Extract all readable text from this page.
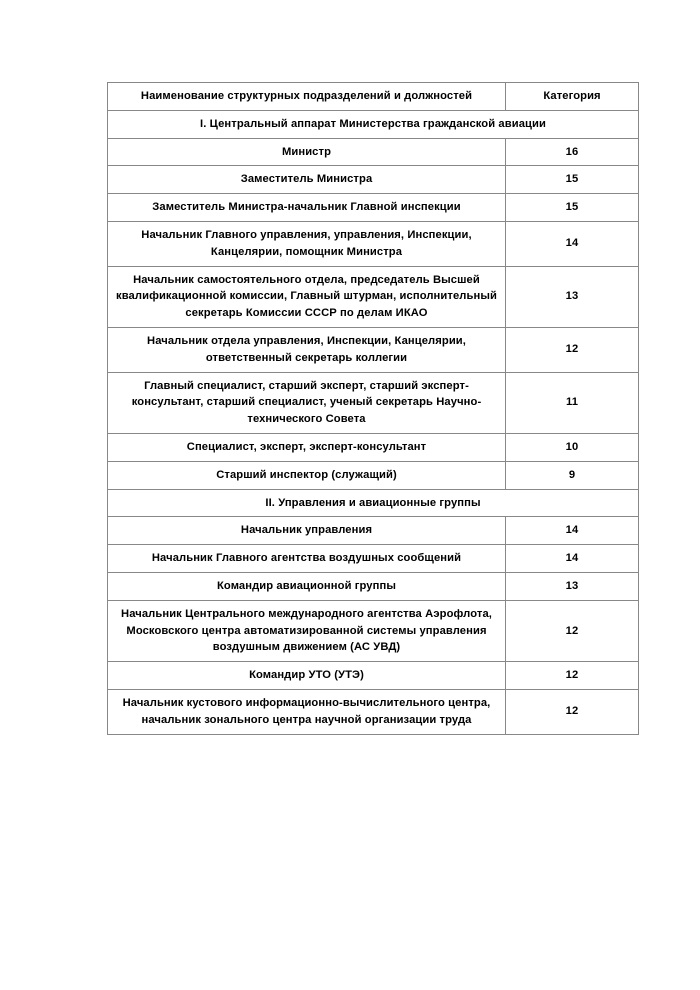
Наименование структурных подразделений и должностей	Категория
I. Центральный аппарат Министерства гражданской авиации	
Министр	16
Заместитель Министра	15
Заместитель Министра-начальник Главной инспекции	15
Начальник Главного управления, управления, Инспекции, Канцелярии, помощник Министра	14
Начальник самостоятельного отдела, председатель Высшей квалификационной комиссии, Главный штурман, исполнительный секретарь Комиссии СССР по делам ИКАО	13
Начальник отдела управления, Инспекции, Канцелярии, ответственный секретарь коллегии	12
Главный специалист, старший эксперт, старший эксперт-консультант, старший специалист, ученый секретарь Научно-технического Совета	11
Специалист, эксперт, эксперт-консультант	10
Старший инспектор (служащий)	9
II. Управления и авиационные группы	
Начальник управления	14
Начальник Главного агентства воздушных сообщений	14
Командир авиационной группы	13
Начальник Центрального международного агентства Аэрофлота, Московского центра автоматизированной системы управления воздушным движением (АС УВД)	12
Командир УТО (УТЭ)	12
Начальник кустового информационно-вычислительного центра, начальник зонального центра научной организации труда	12
